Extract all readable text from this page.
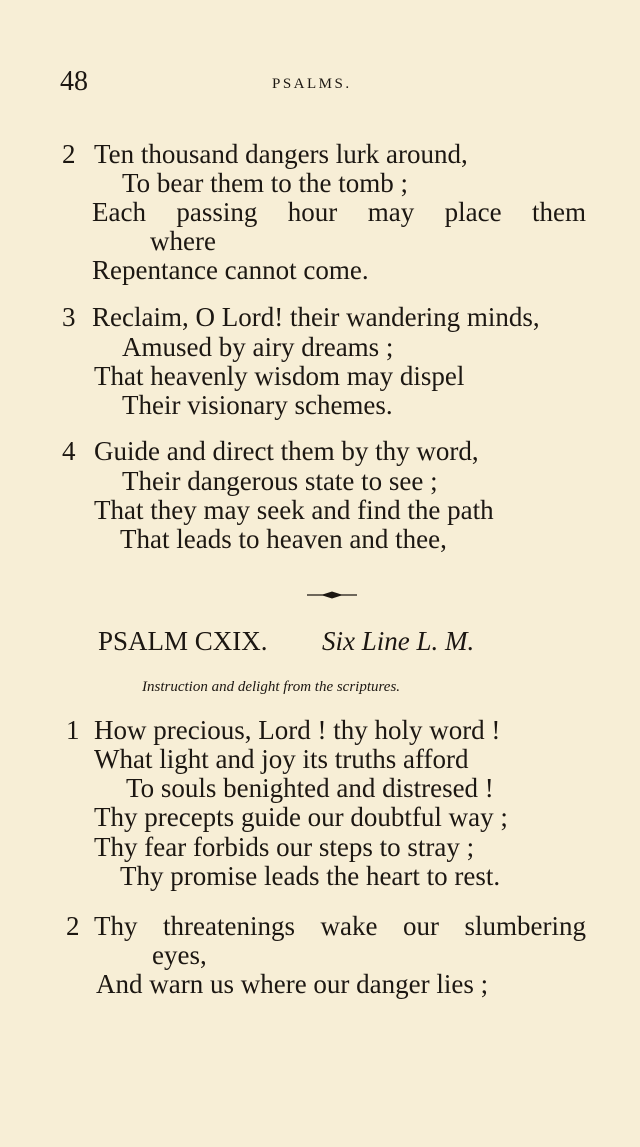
48	PSALMS.
2 Ten thousand dangers lurk around,
To bear them to the tomb ;
Each passing hour may place them
where
Repentance cannot come.
3 Reclaim, O Lord! their wandering minds,
Amused by airy dreams ;
That heavenly wisdom may dispel
Their visionary schemes.
4 Guide and direct them by thy word,
Their dangerous state to see ;
That they may seek and find the path
That leads to heaven and thee,
PSALM CXIX. Six Line L. M.
Instruction and delight from the scriptures.
1 How precious, Lord ! thy holy word !
What light and joy its truths afford
To souls benighted and distresed !
Thy precepts guide our doubtful way ;
Thy fear forbids our steps to stray ;
Thy promise leads the heart to rest.
2 Thy threatenings wake our slumbering
eyes,
And warn us where our danger lies ;
